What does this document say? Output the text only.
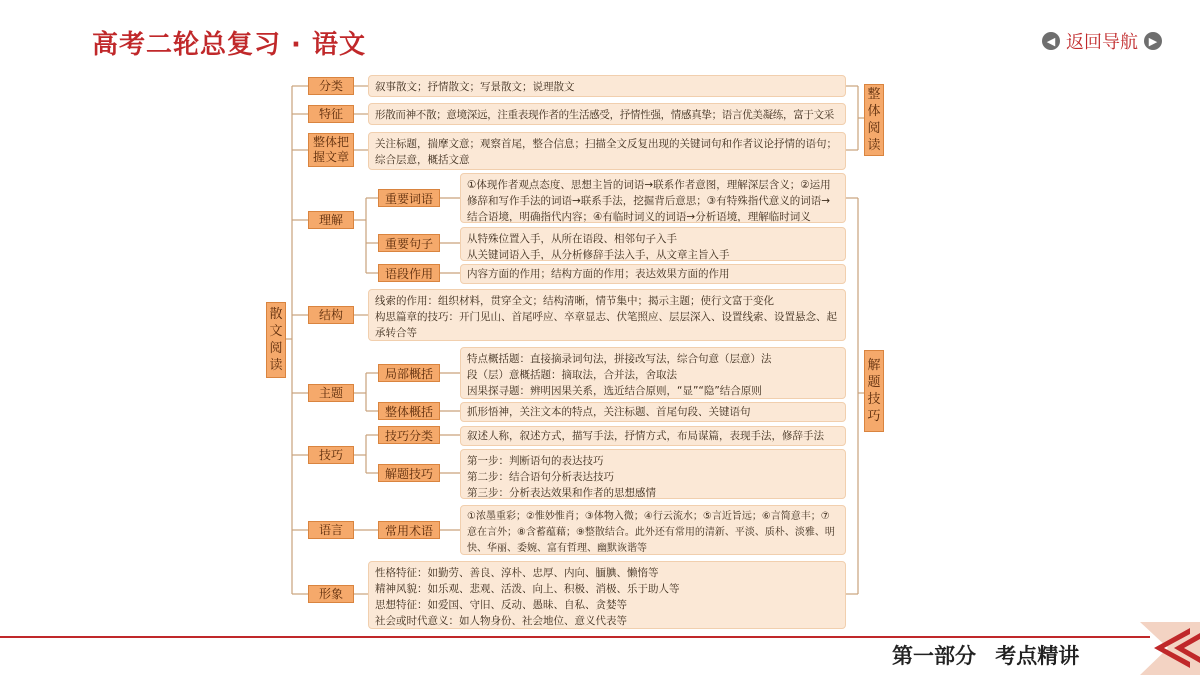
高考二轮总复习 · 语文	◀ 返回导航 ▶
散文阅读
整体阅读
解题技巧
分类	叙事散文；抒情散文；写景散文；说理散文
特征	形散而神不散；意境深远，注重表现作者的生活感受，抒情性强，情感真挚；语言优美凝练，富于文采
整体把握文章
关注标题，揣摩文意；观察首尾，整合信息；扫描全文反复出现的关键词句和作者议论抒情的语句；综合层意，概括文意
理解
重要词语
①体现作者观点态度、思想主旨的词语→联系作者意图，理解深层含义；②运用修辞和写作手法的词语→联系手法，挖掘背后意思；③有特殊指代意义的词语→结合语境，明确指代内容；④有临时词义的词语→分析语境，理解临时词义
重要句子	从特殊位置入手，从所在语段、相邻句子入手
从关键词语入手，从分析修辞手法入手，从文章主旨入手
语段作用	内容方面的作用；结构方面的作用；表达效果方面的作用
结构
线索的作用：组织材料，贯穿全文；结构清晰，情节集中；揭示主题；使行文富于变化
构思篇章的技巧：开门见山、首尾呼应、卒章显志、伏笔照应、层层深入、设置线索、设置悬念、起承转合等
主题
局部概括
特点概括题：直接摘录词句法，拼接改写法，综合句意（层意）法
段（层）意概括题：摘取法，合并法，舍取法
因果探寻题：辨明因果关系，选近结合原则，“显”“隐”结合原则
整体概括	抓形悟神，关注文本的特点，关注标题、首尾句段、关键语句
技巧
技巧分类	叙述人称，叙述方式，描写手法，抒情方式，布局谋篇，表现手法，修辞手法
解题技巧
第一步：判断语句的表达技巧
第二步：结合语句分析表达技巧
第三步：分析表达效果和作者的思想感情
语言	常用术语
①浓墨重彩；②惟妙惟肖；③体物入微；④行云流水；⑤言近旨远；⑥言简意丰；⑦意在言外；⑧含蓄蕴藉；⑨整散结合。此外还有常用的清新、平淡、质朴、淡雅、明快、华丽、委婉、富有哲理、幽默诙谐等
形象
性格特征：如勤劳、善良、淳朴、忠厚、内向、腼腆、懒惰等
精神风貌：如乐观、悲观、活泼、向上、积极、消极、乐于助人等
思想特征：如爱国、守旧、反动、愚昧、自私、贪婪等
社会或时代意义：如人物身份、社会地位、意义代表等
第一部分 考点精讲
